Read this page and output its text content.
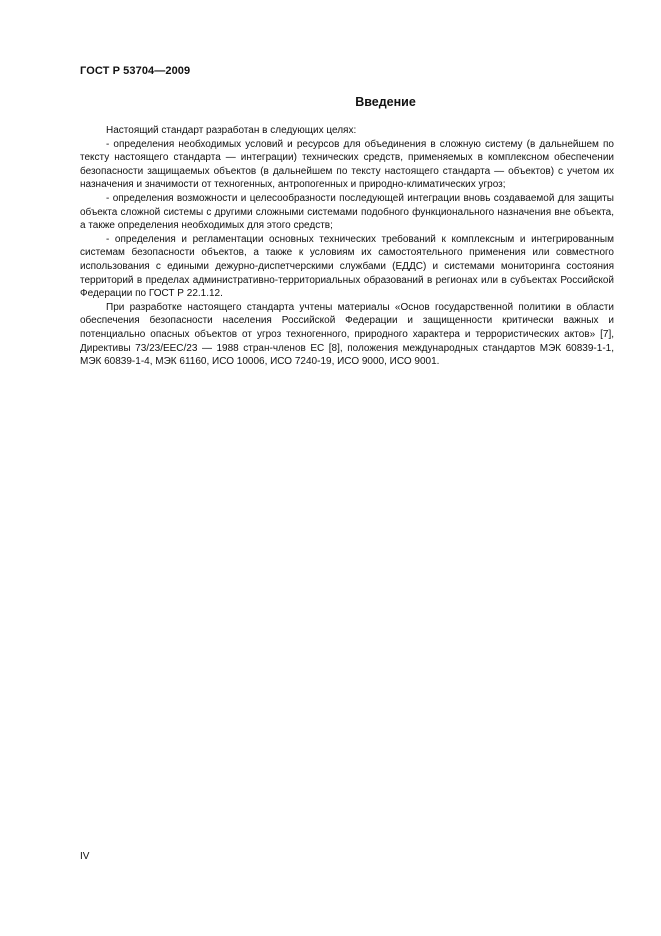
ГОСТ Р 53704—2009
Введение

Настоящий стандарт разработан в следующих целях:

- определения необходимых условий и ресурсов для объединения в сложную систему (в дальнейшем по тексту настоящего стандарта — интеграции) технических средств, применяемых в комплексном обеспечении безопасности защищаемых объектов (в дальнейшем по тексту настоящего стандарта — объектов) с учетом их назначения и значимости от техногенных, антропогенных и природно-климатических угроз;

- определения возможности и целесообразности последующей интеграции вновь создаваемой для защиты объекта сложной системы с другими сложными системами подобного функционального назначения вне объекта, а также определения необходимых для этого средств;

- определения и регламентации основных технических требований к комплексным и интегрированным системам безопасности объектов, а также к условиям их самостоятельного применения или совместного использования с едиными дежурно-диспетчерскими службами (ЕДДС) и системами мониторинга состояния территорий в пределах административно-территориальных образований в регионах или в субъектах Российской Федерации по ГОСТ Р 22.1.12.

При разработке настоящего стандарта учтены материалы «Основ государственной политики в области обеспечения безопасности населения Российской Федерации и защищенности критически важных и потенциально опасных объектов от угроз техногенного, природного характера и террористических актов» [7], Директивы 73/23/ЕЕС/23 — 1988 стран-членов ЕС [8], положения международных стандартов МЭК 60839-1-1, МЭК 60839-1-4, МЭК 61160, ИСО 10006, ИСО 7240-19, ИСО 9000, ИСО 9001.

IV
